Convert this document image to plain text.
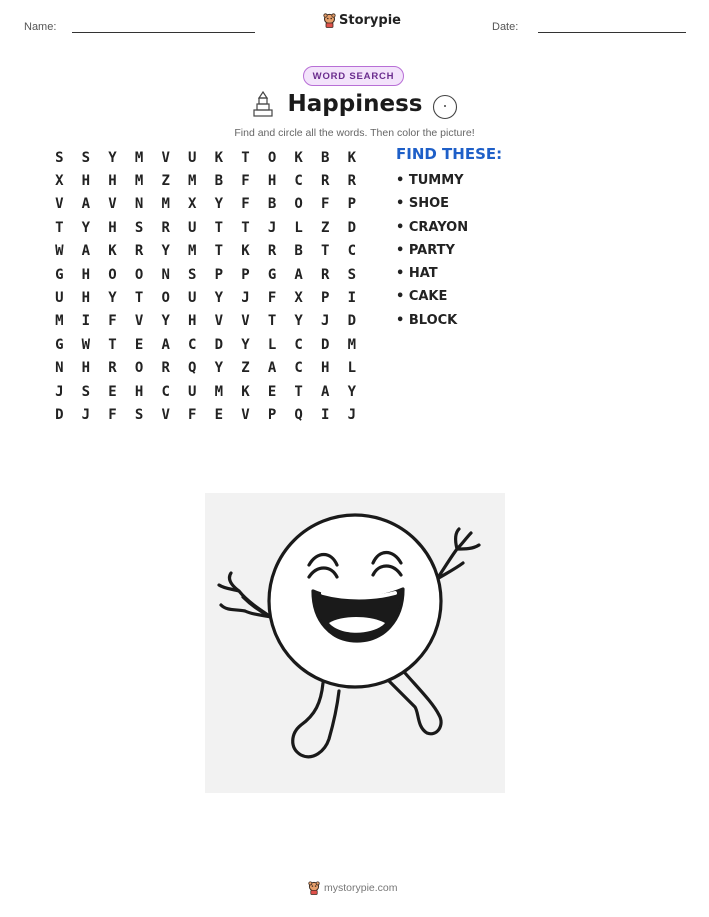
Name:	Storypie	Date:
WORD SEARCH
Happiness
Find and circle all the words. Then color the picture!
S	S	Y	M	V	U	K	T	O	K	B	K
X	H	H	M	Z	M	B	F	H	C	R	R
V	A	V	N	M	X	Y	F	B	O	F	P
T	Y	H	S	R	U	T	T	J	L	Z	D
W	A	K	R	Y	M	T	K	R	B	T	C
G	H	O	O	N	S	P	P	G	A	R	S
U	H	Y	T	O	U	Y	J	F	X	P	I
M	I	F	V	Y	H	V	V	T	Y	J	D
G	W	T	E	A	C	D	Y	L	C	D	M
N	H	R	O	R	Q	Y	Z	A	C	H	L
J	S	E	H	C	U	M	K	E	T	A	Y
D	J	F	S	V	F	E	V	P	Q	I	J
FIND THESE:
• TUMMY
• SHOE
• CRAYON
• PARTY
• HAT
• CAKE
• BLOCK
mystorypie.com
